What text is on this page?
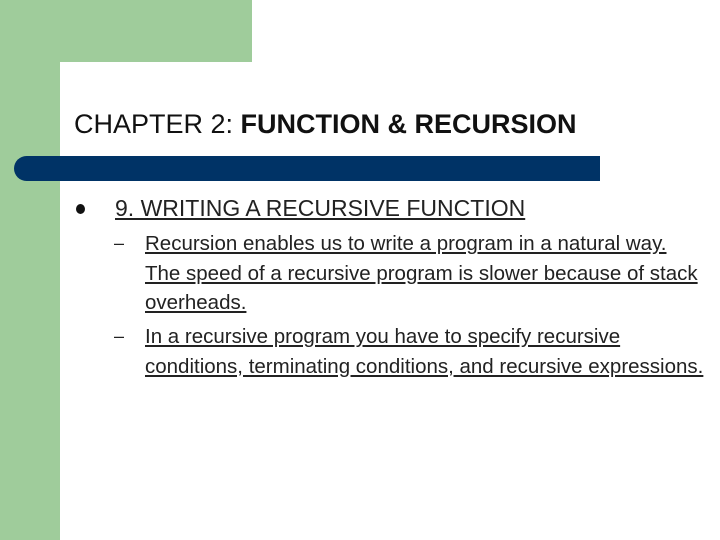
CHAPTER 2: FUNCTION & RECURSION
9. WRITING A RECURSIVE FUNCTION
– Recursion enables us to write a program in a natural way. The speed of a recursive program is slower because of stack overheads.
– In a recursive program you have to specify recursive conditions, terminating conditions, and recursive expressions.
